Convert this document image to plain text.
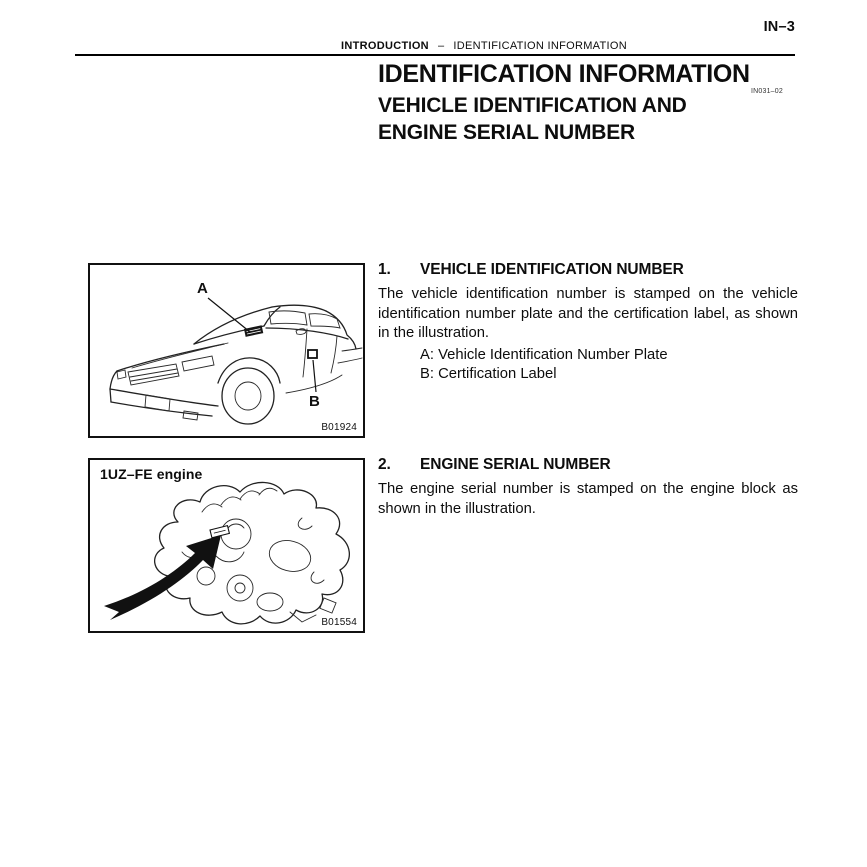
IN–3
INTRODUCTION – IDENTIFICATION INFORMATION
IDENTIFICATION INFORMATION
IN031–02
VEHICLE IDENTIFICATION AND
ENGINE SERIAL NUMBER
A
B
B01924
1UZ–FE engine
B01554
1.	VEHICLE IDENTIFICATION NUMBER
The vehicle identification number is stamped on the vehicle identification number plate and the certification label, as shown in the illustration.
A: Vehicle Identification Number Plate
B: Certification Label
2.	ENGINE SERIAL NUMBER
The engine serial number is stamped on the engine block as shown in the illustration.
